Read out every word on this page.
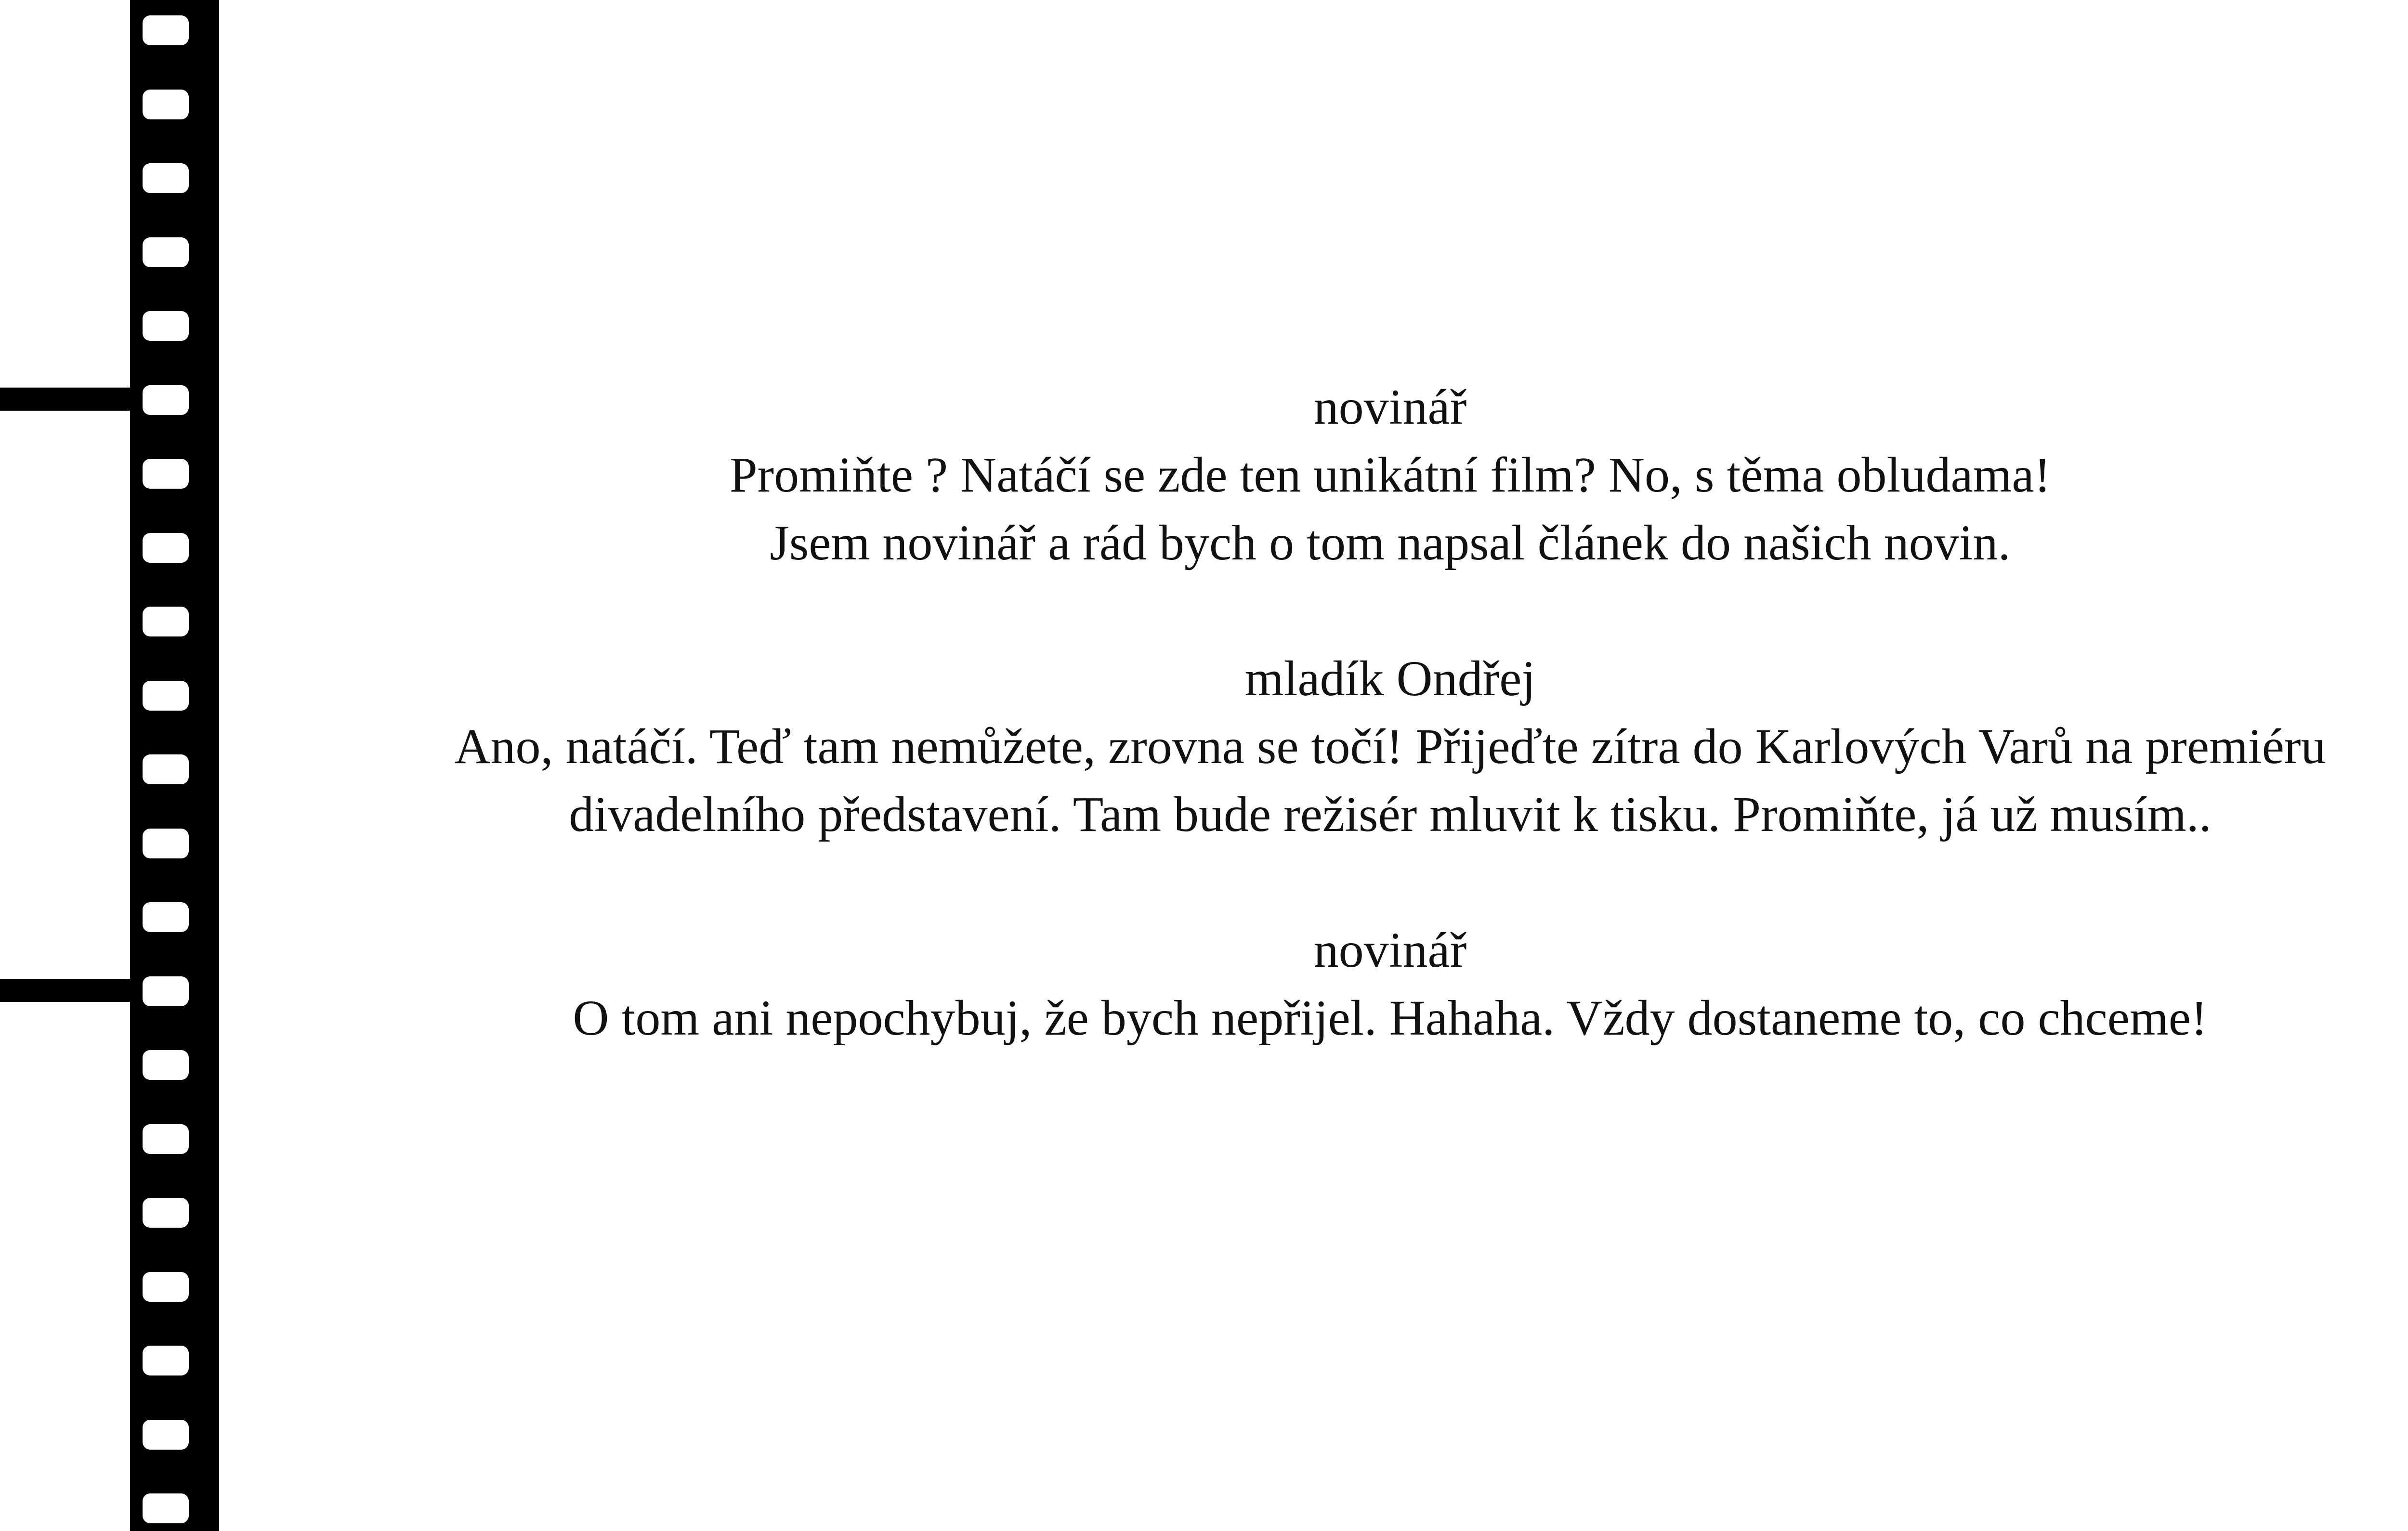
novinář
Promiňte ? Natáčí se zde ten unikátní film? No, s těma obludama!
Jsem novinář a rád bych o tom napsal článek do našich novin.
mladík Ondřej
Ano, natáčí. Teď tam nemůžete, zrovna se točí! Přijeďte zítra do Karlových Varů na premiéru
divadelního představení. Tam bude režisér mluvit k tisku. Promiňte, já už musím..
novinář
O tom ani nepochybuj, že bych nepřijel. Hahaha. Vždy dostaneme to, co chceme!
